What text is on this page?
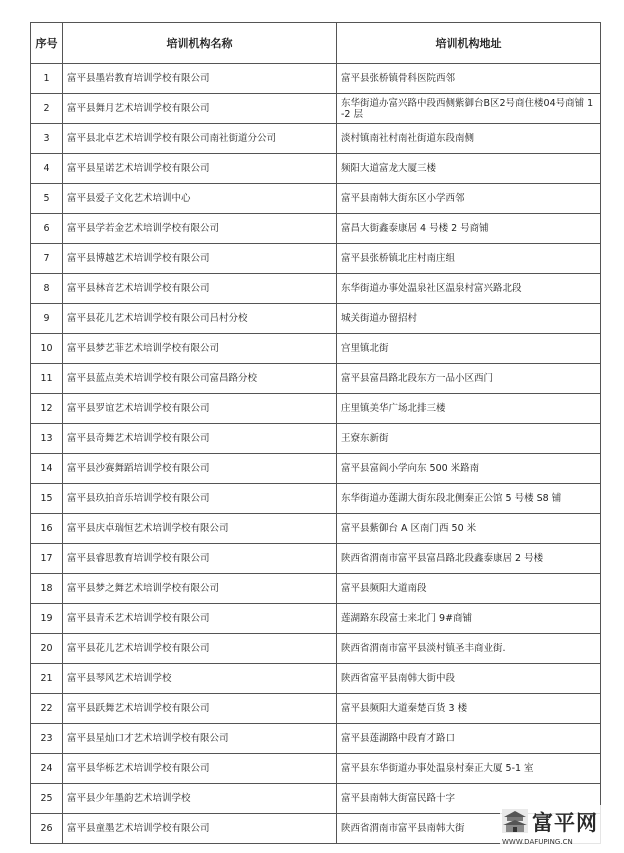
序号	培训机构名称	培训机构地址
1	富平县墨岩教育培训学校有限公司	富平县张桥镇骨科医院西邻
2	富平县舞月艺术培训学校有限公司	东华街道办富兴路中段西侧紫御台B区2号商住楼04号商铺 1-2 层
3	富平县北卓艺术培训学校有限公司南社街道分公司	淡村镇南社村南社街道东段南侧
4	富平县星诺艺术培训学校有限公司	频阳大道富龙大厦三楼
5	富平县爱子文化艺术培训中心	富平县南韩大街东区小学西邻
6	富平县学若金艺术培训学校有限公司	富昌大街鑫泰康居 4 号楼 2 号商铺
7	富平县博越艺术培训学校有限公司	富平县张桥镇北庄村南庄组
8	富平县林音艺术培训学校有限公司	东华街道办事处温泉社区温泉村富兴路北段
9	富平县花儿艺术培训学校有限公司吕村分校	城关街道办留招村
10	富平县梦艺菲艺术培训学校有限公司	宫里镇北街
11	富平县蓝点美术培训学校有限公司富昌路分校	富平县富昌路北段东方一品小区西门
12	富平县罗谊艺术培训学校有限公司	庄里镇美华广场北排三楼
13	富平县奇舞艺术培训学校有限公司	王寮东新街
14	富平县沙赛舞蹈培训学校有限公司	富平县富阎小学向东 500 米路南
15	富平县玖拍音乐培训学校有限公司	东华街道办莲湖大街东段北侧秦正公馆 5 号楼 S8 铺
16	富平县庆卓瑞恒艺术培训学校有限公司	富平县紫御台 A 区南门西 50 米
17	富平县睿思教育培训学校有限公司	陕西省渭南市富平县富昌路北段鑫泰康居 2 号楼
18	富平县梦之舞艺术培训学校有限公司	富平县频阳大道南段
19	富平县青禾艺术培训学校有限公司	莲湖路东段富士来北门 9#商铺
20	富平县花儿艺术培训学校有限公司	陕西省渭南市富平县淡村镇圣丰商业街.
21	富平县琴风艺术培训学校	陕西省富平县南韩大街中段
22	富平县跃舞艺术培训学校有限公司	富平县频阳大道秦楚百货 3 楼
23	富平县星灿口才艺术培训学校有限公司	富平县莲湖路中段育才路口
24	富平县华栎艺术培训学校有限公司	富平县东华街道办事处温泉村秦正大厦 5-1 室
25	富平县少年墨韵艺术培训学校	富平县南韩大街富民路十字
26	富平县童墨艺术培训学校有限公司	陕西省渭南市富平县南韩大街	富平网
WWW.DAFUPING.CN
